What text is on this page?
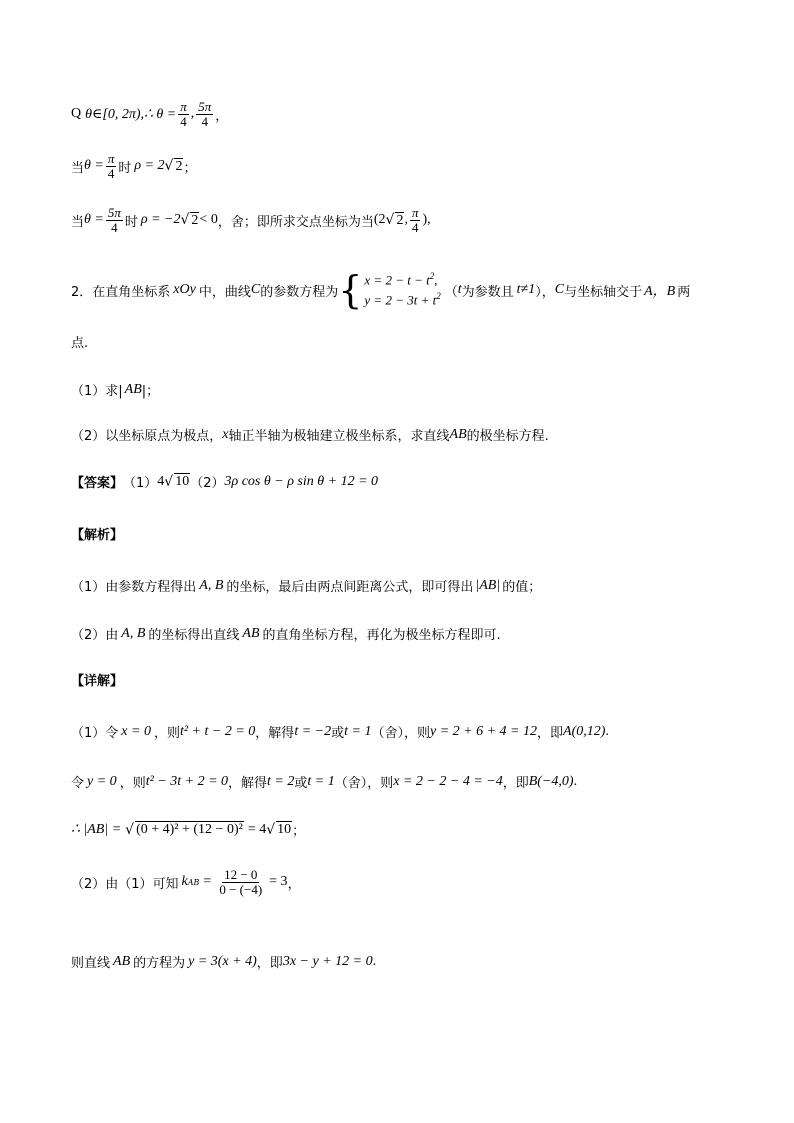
Q θ∈[0, 2π),∴ $\theta = \frac{\pi}{4}$ , $\frac{5\pi}{4}$ ，
当 $\theta = \frac{\pi}{4}$ 时 ρ = 2 √ 2 ；
当 $\theta = \frac{5\pi}{4}$ 时 ρ = −2 √ 2 < 0 ，舍；即所求交点坐标为当 (2 √ 2 , $\frac{\pi}{4}$ ),
2． 在直角坐标系 xOy 中，曲线 C 的参数方程为 { $x = 2 - t - t^2$,
$y = 2 - 3t + t^2$ （ t 为参数且 t≠1 ）， C 与坐标轴交于 A，B 两
点.
（1）求| AB |；
（2）以坐标原点为极点， x 轴正半轴为极轴建立极坐标系，求直线 AB 的极坐标方程.
【答案】 （1） 4 √ 10 （2） 3ρ cos θ − ρ sin θ + 12 = 0
【解析】
（1）由参数方程得出 A, B 的坐标，最后由两点间距离公式，即可得出 |AB| 的值；
（2）由 A, B 的坐标得出直线 AB 的直角坐标方程，再化为极坐标方程即可.
【详解】
（1）令 x = 0 ，则 t² + t − 2 = 0 ，解得 t = −2 或 t = 1 （舍），则 y = 2 + 6 + 4 = 12 ，即 A(0,12) .
令 y = 0 ，则 t² − 3t + 2 = 0 ，解得 t = 2 或 t = 1 （舍），则 x = 2 − 2 − 4 = −4 ，即 B(−4,0) .
∴ |AB| = √ (0 + 4)² + (12 − 0)² = 4 √ 10 ；
（2）由（1）可知 k AB = $\frac{12 - 0}{0 - (-4)} = 3$ ，
则直线 AB 的方程为 y = 3(x + 4) ，即 3x − y + 12 = 0 .
